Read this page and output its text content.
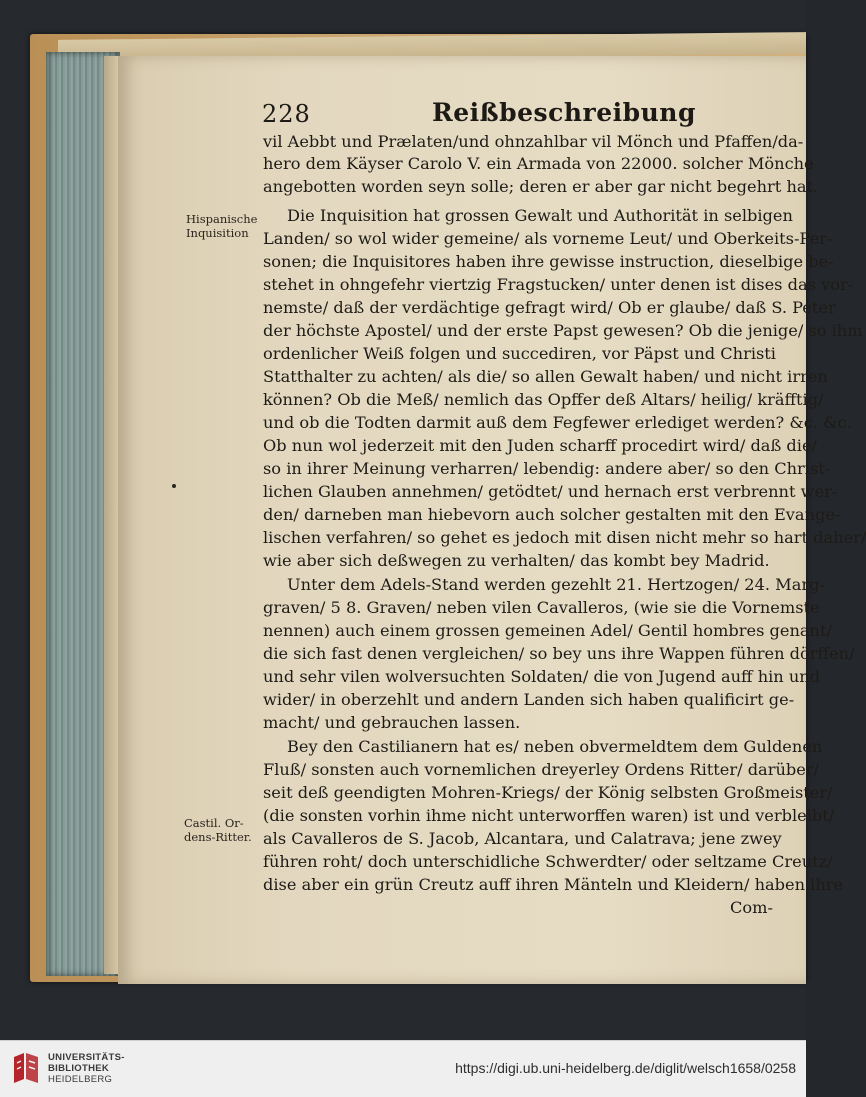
228	Reißbeschreibung
Hispanische
Inquisition
Castil. Or-
dens-Ritter.
vil Aebbt und Prælaten/und ohnzahlbar vil Mönch und Pfaffen/da-
hero dem Käyser Carolo V. ein Armada von 22000. solcher Mönche
angebotten worden seyn solle; deren er aber gar nicht begehrt hat.
Die Inquisition hat grossen Gewalt und Authorität in selbigen
Landen/ so wol wider gemeine/ als vorneme Leut/ und Oberkeits-Per-
sonen; die Inquisitores haben ihre gewisse instruction, dieselbige be-
stehet in ohngefehr viertzig Fragstucken/ unter denen ist dises das vor-
nemste/ daß der verdächtige gefragt wird/ Ob er glaube/ daß S. Peter
der höchste Apostel/ und der erste Papst gewesen? Ob die jenige/ so ihm
ordenlicher Weiß folgen und succediren, vor Päpst und Christi
Statthalter zu achten/ als die/ so allen Gewalt haben/ und nicht irren
können? Ob die Meß/ nemlich das Opffer deß Altars/ heilig/ kräfftig/
und ob die Todten darmit auß dem Fegfewer erlediget werden? &c. &c.
Ob nun wol jederzeit mit den Juden scharff procedirt wird/ daß die/
so in ihrer Meinung verharren/ lebendig: andere aber/ so den Christ-
lichen Glauben annehmen/ getödtet/ und hernach erst verbrennt wer-
den/ darneben man hiebevorn auch solcher gestalten mit den Evange-
lischen verfahren/ so gehet es jedoch mit disen nicht mehr so hart daher/
wie aber sich deßwegen zu verhalten/ das kombt bey Madrid.
Unter dem Adels-Stand werden gezehlt 21. Hertzogen/ 24. Marg-
graven/ 5 8. Graven/ neben vilen Cavalleros, (wie sie die Vornemste
nennen) auch einem grossen gemeinen Adel/ Gentil hombres genant/
die sich fast denen vergleichen/ so bey uns ihre Wappen führen dörffen/
und sehr vilen wolversuchten Soldaten/ die von Jugend auff hin und
wider/ in oberzehlt und andern Landen sich haben qualificirt ge-
macht/ und gebrauchen lassen.
Bey den Castilianern hat es/ neben obvermeldtem dem Guldenen
Fluß/ sonsten auch vornemlichen dreyerley Ordens Ritter/ darüber/
seit deß geendigten Mohren-Kriegs/ der König selbsten Großmeister/
(die sonsten vorhin ihme nicht unterworffen waren) ist und verbleibt/
als Cavalleros de S. Jacob, Alcantara, und Calatrava; jene zwey
führen roht/ doch unterschidliche Schwerdter/ oder seltzame Creutz/
dise aber ein grün Creutz auff ihren Mänteln und Kleidern/ haben ihre
Com-
UNIVERSITÄTS-
BIBLIOTHEK
HEIDELBERG
https://digi.ub.uni-heidelberg.de/diglit/welsch1658/0258
